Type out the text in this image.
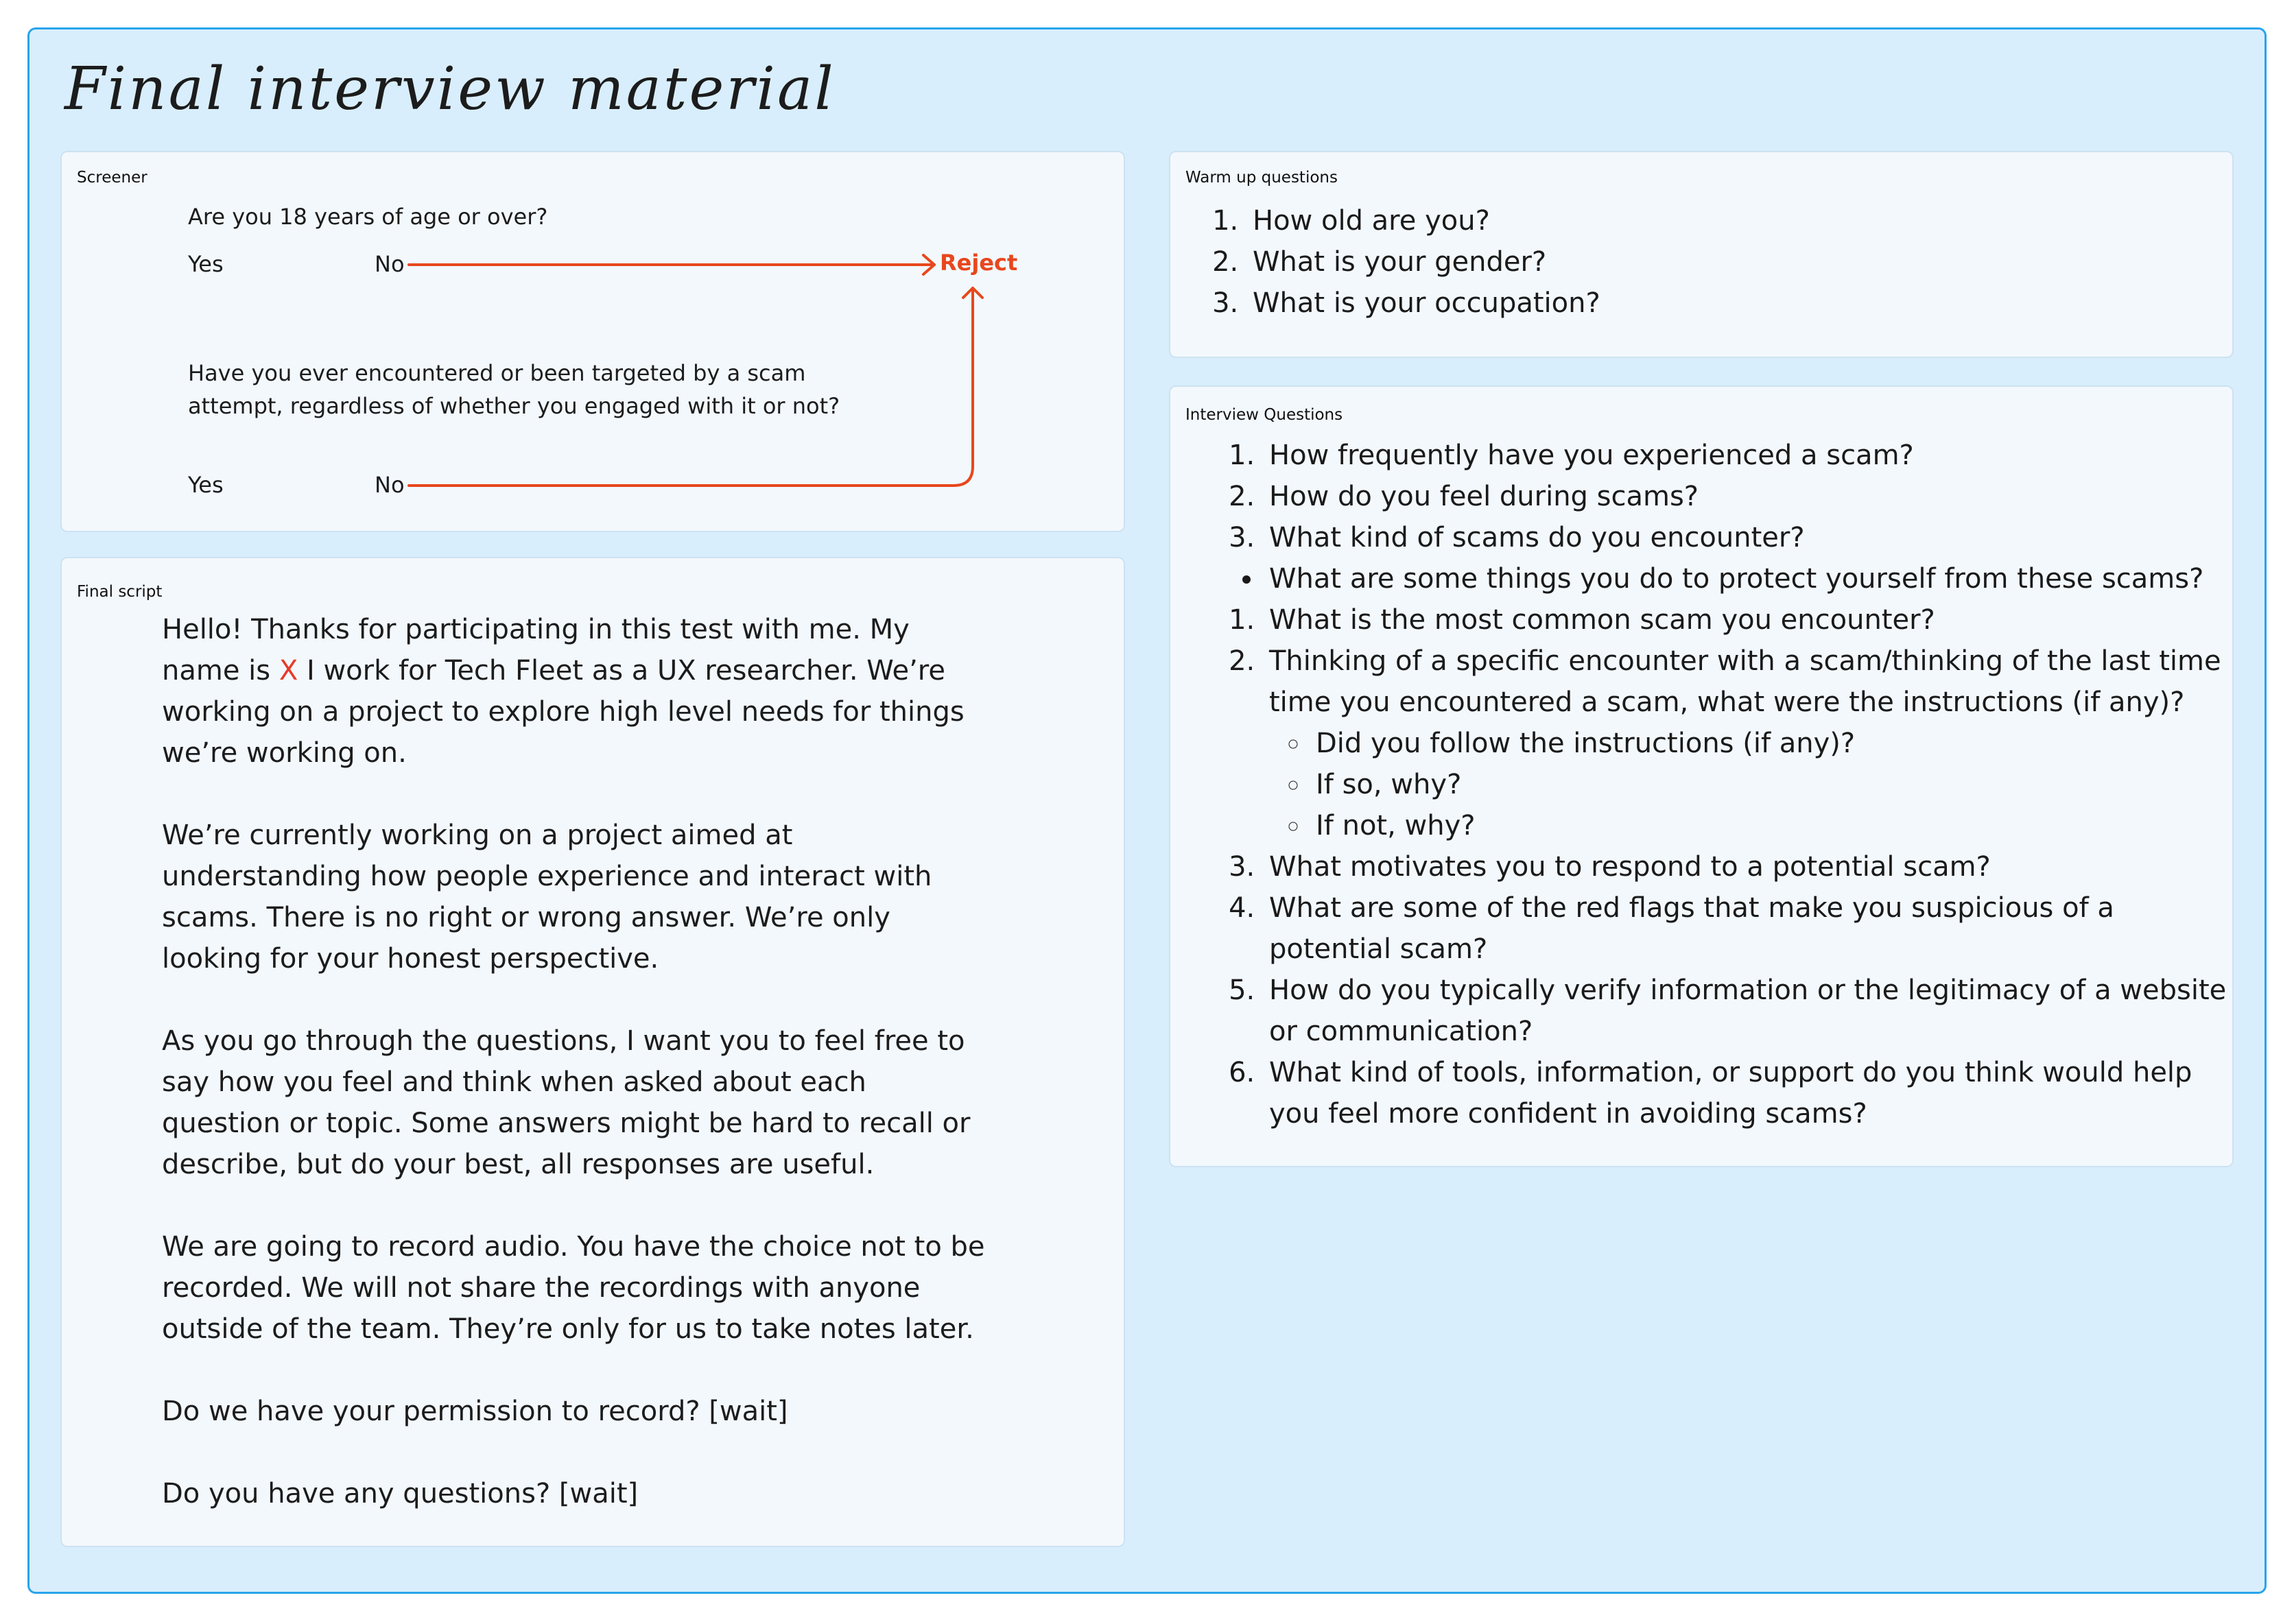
Final interview material
Screener
Are you 18 years of age or over?
Yes	No	Reject
Have you ever encountered or been targeted by a scam
attempt, regardless of whether you engaged with it or not?
Yes	No
Final script

Hello! Thanks for participating in this test with me. My name is X I work for Tech Fleet as a UX researcher. We’re working on a project to explore high level needs for things we’re working on.

We’re currently working on a project aimed at understanding how people experience and interact with scams. There is no right or wrong answer. We’re only looking for your honest perspective.

As you go through the questions, I want you to feel free to say how you feel and think when asked about each question or topic. Some answers might be hard to recall or describe, but do your best, all responses are useful.

We are going to record audio. You have the choice not to be recorded. We will not share the recordings with anyone outside of the team. They’re only for us to take notes later.

Do we have your permission to record? [wait]

Do you have any questions? [wait]

Warm up questions
1. How old are you?
2. What is your gender?
3. What is your occupation?
Interview Questions
1. How frequently have you experienced a scam?
2. How do you feel during scams?
3. What kind of scams do you encounter?
• What are some things you do to protect yourself from these scams?
1. What is the most common scam you encounter?
2. Thinking of a specific encounter with a scam/thinking of the last time time you encountered a scam, what were the instructions (if any)?
◦ Did you follow the instructions (if any)?
◦ If so, why?
◦ If not, why?
3. What motivates you to respond to a potential scam?
4. What are some of the red flags that make you suspicious of a potential scam?
5. How do you typically verify information or the legitimacy of a website or communication?
6. What kind of tools, information, or support do you think would help you feel more confident in avoiding scams?
